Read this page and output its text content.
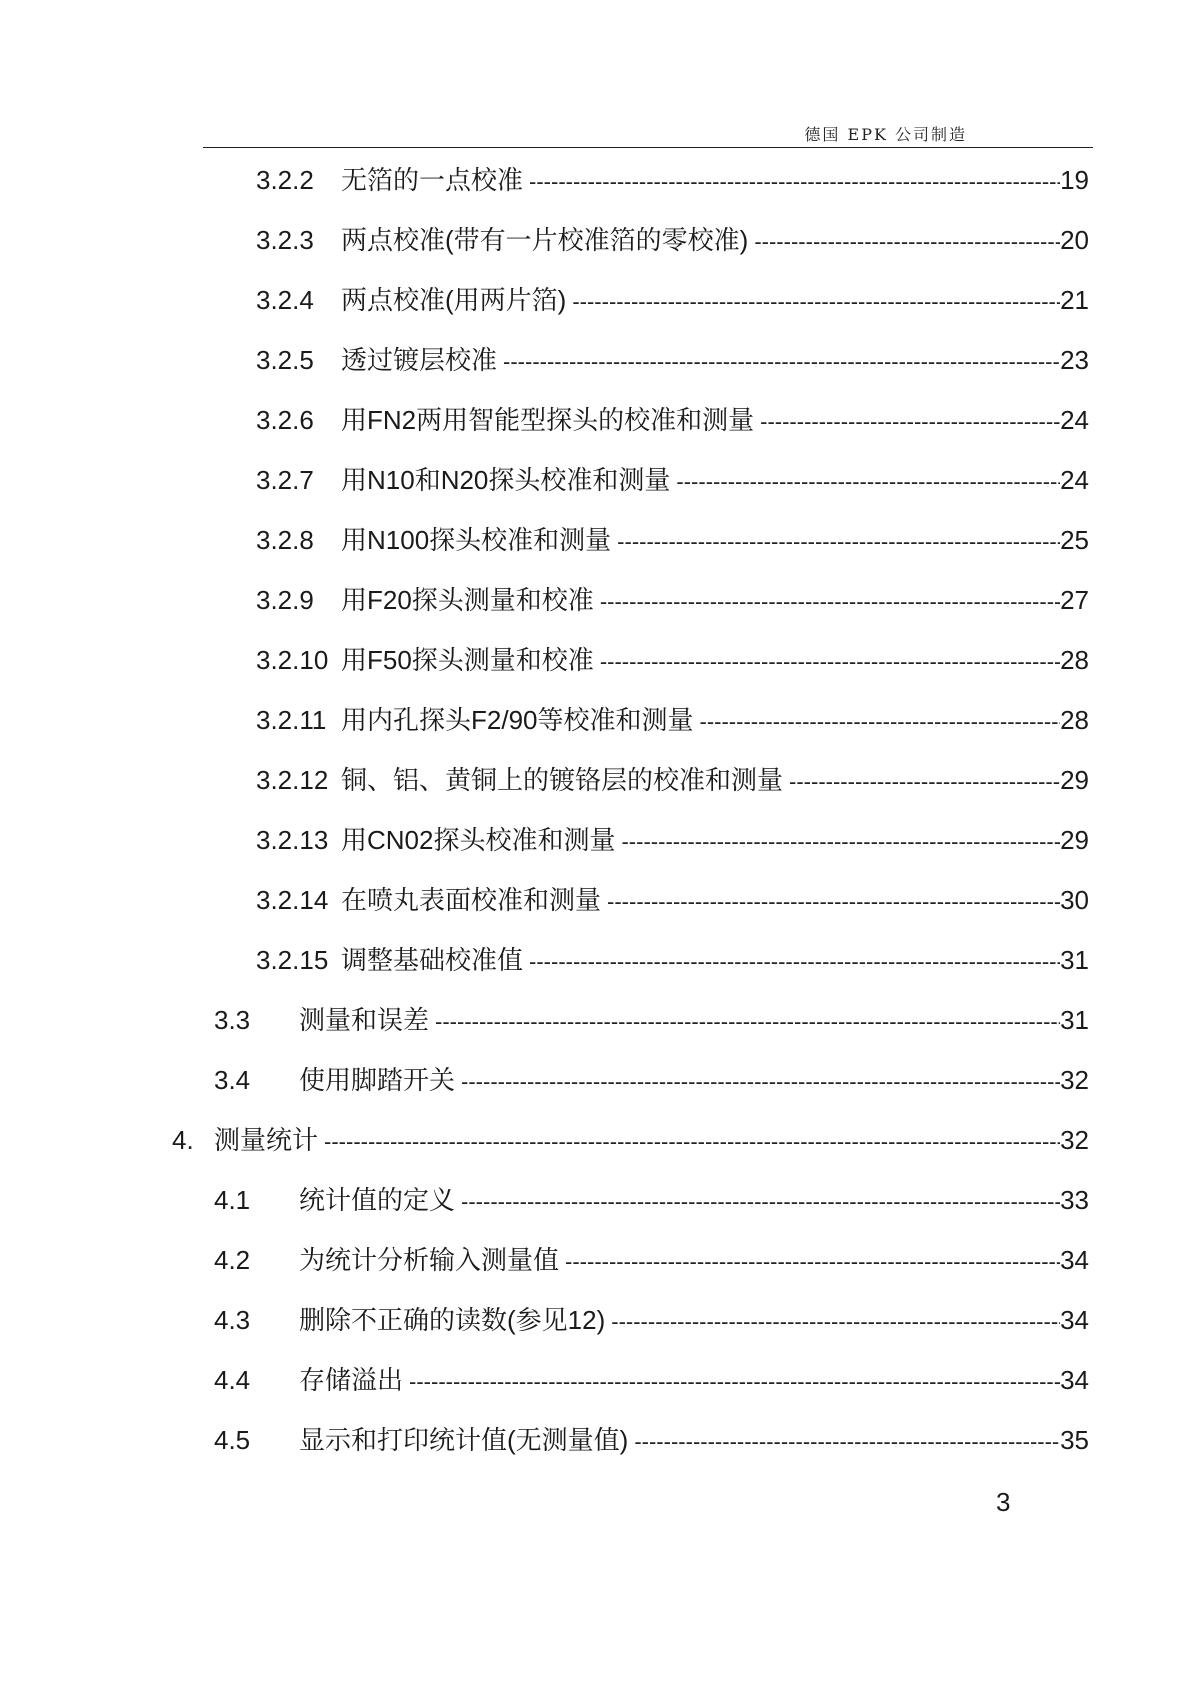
德国 EPK 公司制造
3.2.2	无箔的一点校准 -----	19
3.2.3	两点校准(带有一片校准箔的零校准) -----	20
3.2.4	两点校准(用两片箔) -----	21
3.2.5	透过镀层校准 -----	23
3.2.6	用FN2两用智能型探头的校准和测量 -----	24
3.2.7	用N10和N20探头校准和测量 -----	24
3.2.8	用N100探头校准和测量 -----	25
3.2.9	用F20探头测量和校准 -----	27
3.2.10 用F50探头测量和校准 -----	28
3.2.11 用内孔探头F2/90等校准和测量 -----	28
3.2.12 铜、铝、黄铜上的镀铬层的校准和测量 -----	29
3.2.13 用CN02探头校准和测量 -----	29
3.2.14 在喷丸表面校准和测量 -----	30
3.2.15 调整基础校准值 -----	31
3.3	测量和误差 -----	31
3.4	使用脚踏开关 -----	32
4. 测量统计 -----	32
4.1	统计值的定义 -----	33
4.2	为统计分析输入测量值 -----	34
4.3	删除不正确的读数(参见12) -----	34
4.4	存储溢出 -----	34
4.5	显示和打印统计值(无测量值) -----	35
3
